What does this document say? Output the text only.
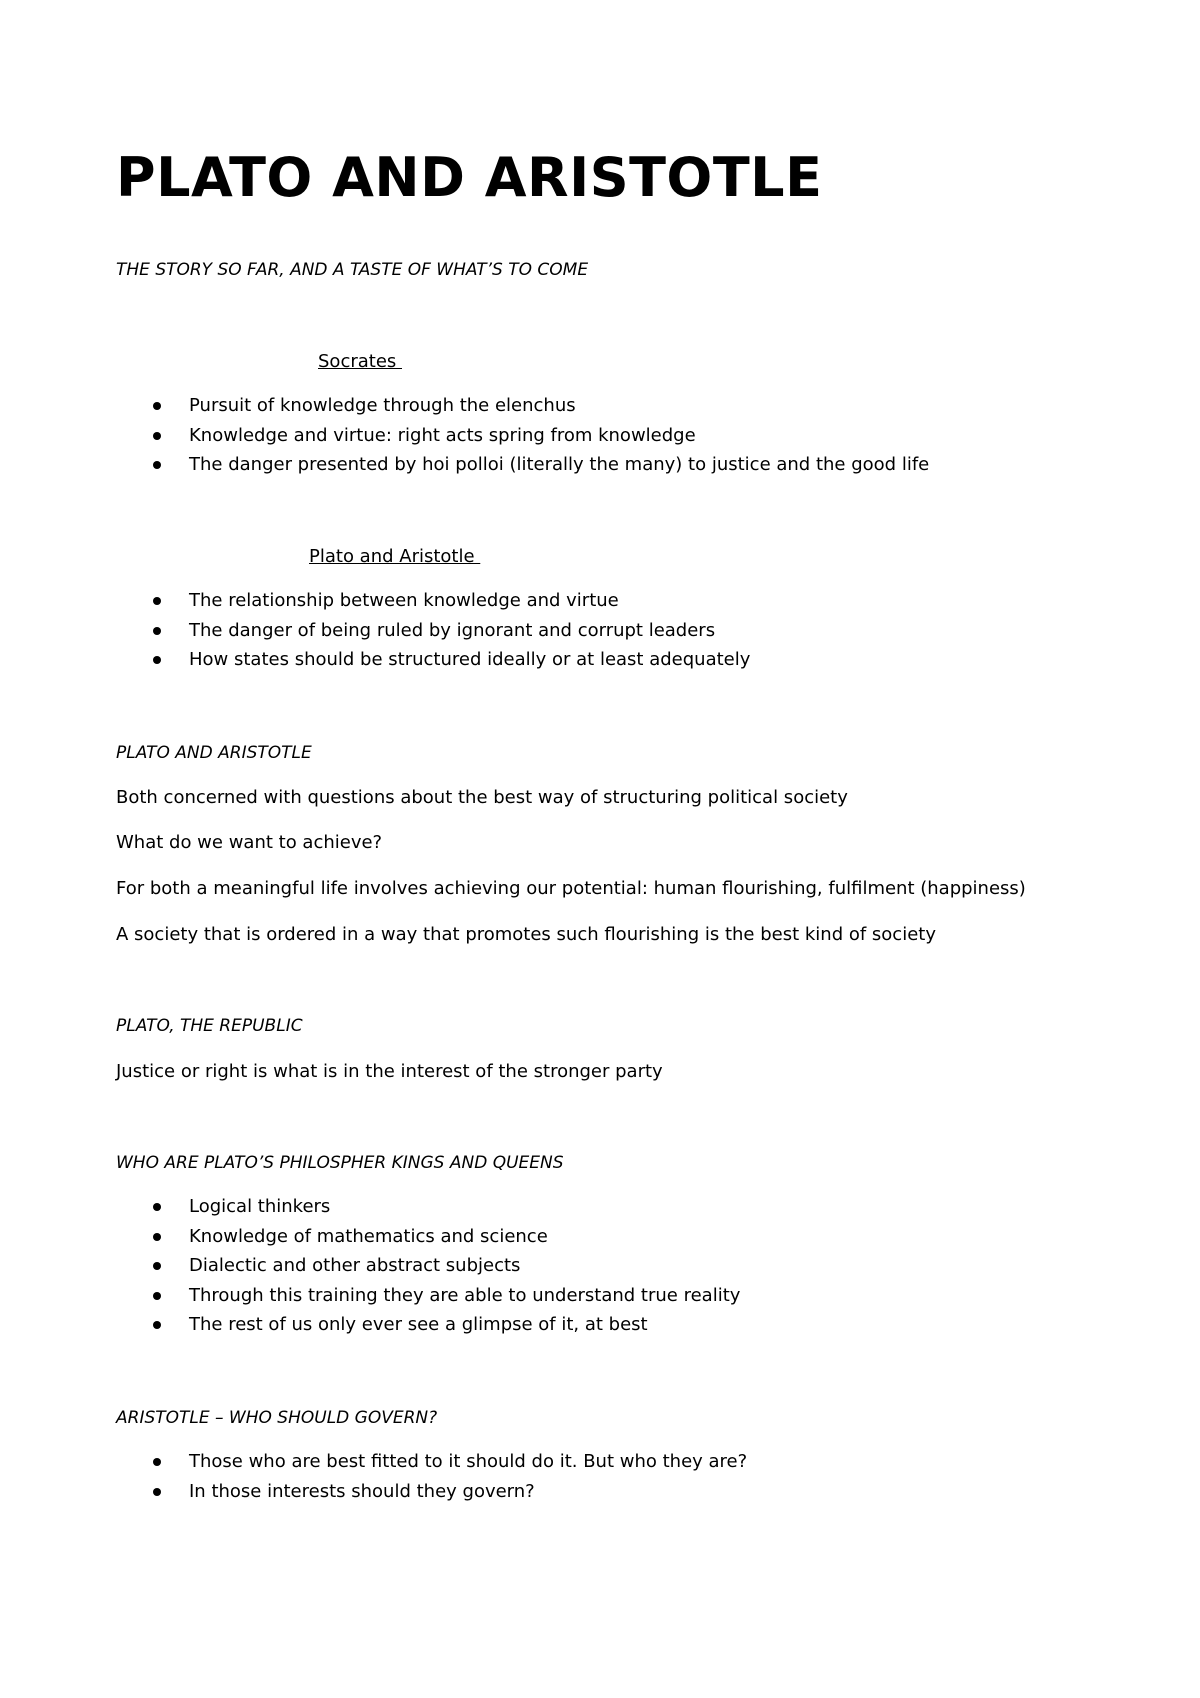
PLATO AND ARISTOTLE

THE STORY SO FAR, AND A TASTE OF WHAT’S TO COME

Socrates

Pursuit of knowledge through the elenchus
Knowledge and virtue: right acts spring from knowledge
The danger presented by hoi polloi (literally the many) to justice and the good life

Plato and Aristotle

The relationship between knowledge and virtue
The danger of being ruled by ignorant and corrupt leaders
How states should be structured ideally or at least adequately

PLATO AND ARISTOTLE

Both concerned with questions about the best way of structuring political society

What do we want to achieve?

For both a meaningful life involves achieving our potential: human flourishing, fulfilment (happiness)

A society that is ordered in a way that promotes such flourishing is the best kind of society

PLATO, THE REPUBLIC

Justice or right is what is in the interest of the stronger party

WHO ARE PLATO’S PHILOSPHER KINGS AND QUEENS

Logical thinkers
Knowledge of mathematics and science
Dialectic and other abstract subjects
Through this training they are able to understand true reality
The rest of us only ever see a glimpse of it, at best

ARISTOTLE – WHO SHOULD GOVERN?

Those who are best fitted to it should do it. But who they are?
In those interests should they govern?
